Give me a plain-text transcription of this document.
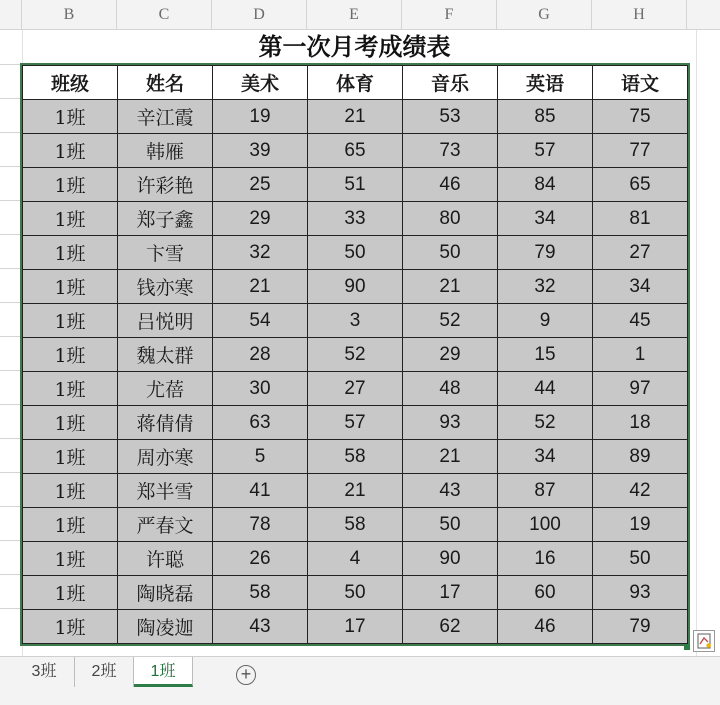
B	C	D	E	F	G	H
第一次月考成绩表
班级	姓名	美术	体育	音乐	英语	语文
1班	辛江霞	19	21	53	85	75
1班	韩雁	39	65	73	57	77
1班	许彩艳	25	51	46	84	65
1班	郑子鑫	29	33	80	34	81
1班	卞雪	32	50	50	79	27
1班	钱亦寒	21	90	21	32	34
1班	吕悦明	54	3	52	9	45
1班	魏太群	28	52	29	15	1
1班	尤蓓	30	27	48	44	97
1班	蒋倩倩	63	57	93	52	18
1班	周亦寒	5	58	21	34	89
1班	郑半雪	41	21	43	87	42
1班	严春文	78	58	50	100	19
1班	许聪	26	4	90	16	50
1班	陶晓磊	58	50	17	60	93
1班	陶凌迦	43	17	62	46	79
3班	2班	1班	+
